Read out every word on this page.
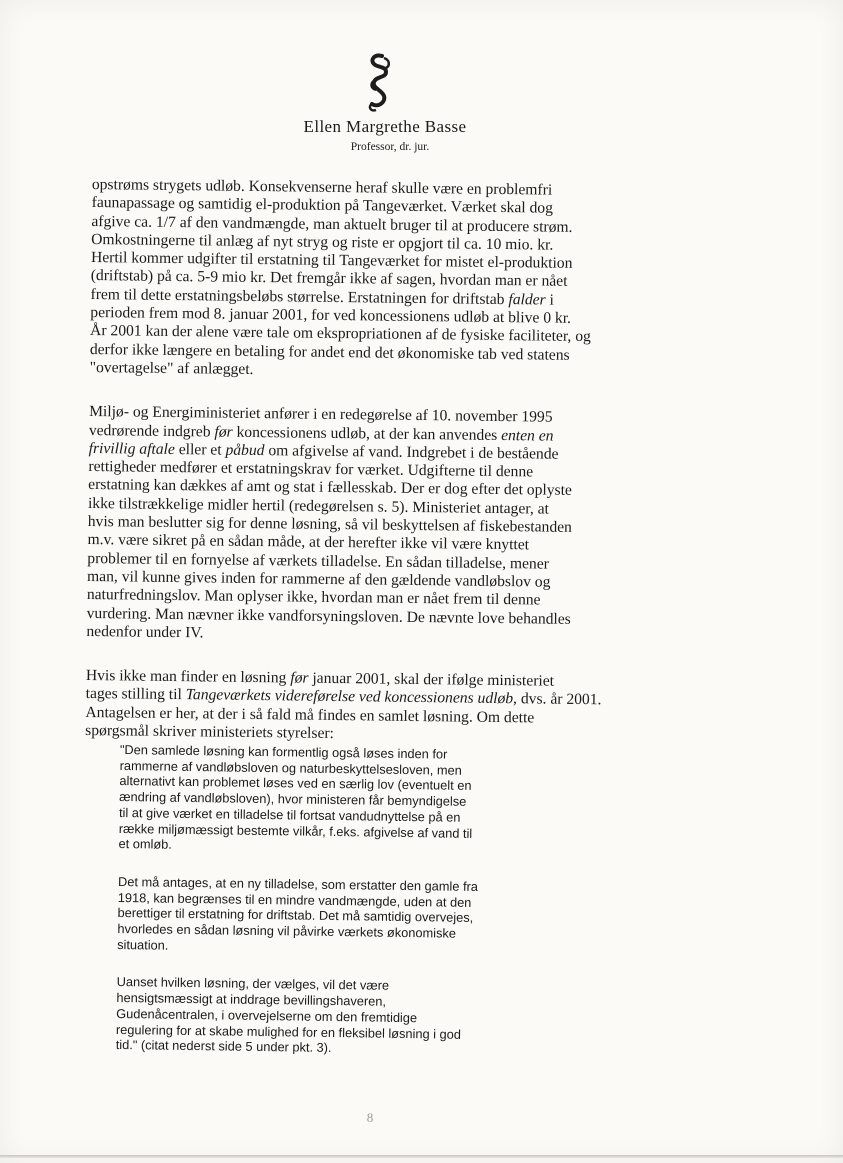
Ellen Margrethe Basse
Professor, dr. jur.

opstrøms strygets udløb. Konsekvenserne heraf skulle være en problemfri
faunapassage og samtidig el-produktion på Tangeværket. Værket skal dog
afgive ca. 1/7 af den vandmængde, man aktuelt bruger til at producere strøm.
Omkostningerne til anlæg af nyt stryg og riste er opgjort til ca. 10 mio. kr.
Hertil kommer udgifter til erstatning til Tangeværket for mistet el-produktion
(driftstab) på ca. 5-9 mio kr. Det fremgår ikke af sagen, hvordan man er nået
frem til dette erstatningsbeløbs størrelse. Erstatningen for driftstab falder i
perioden frem mod 8. januar 2001, for ved koncessionens udløb at blive 0 kr.
År 2001 kan der alene være tale om ekspropriationen af de fysiske faciliteter, og
derfor ikke længere en betaling for andet end det økonomiske tab ved statens
"overtagelse" af anlægget.

Miljø- og Energiministeriet anfører i en redegørelse af 10. november 1995
vedrørende indgreb før koncessionens udløb, at der kan anvendes enten en
frivillig aftale eller et påbud om afgivelse af vand. Indgrebet i de bestående
rettigheder medfører et erstatningskrav for værket. Udgifterne til denne
erstatning kan dækkes af amt og stat i fællesskab. Der er dog efter det oplyste
ikke tilstrækkelige midler hertil (redegørelsen s. 5). Ministeriet antager, at
hvis man beslutter sig for denne løsning, så vil beskyttelsen af fiskebestanden
m.v. være sikret på en sådan måde, at der herefter ikke vil være knyttet
problemer til en fornyelse af værkets tilladelse. En sådan tilladelse, mener
man, vil kunne gives inden for rammerne af den gældende vandløbslov og
naturfredningslov. Man oplyser ikke, hvordan man er nået frem til denne
vurdering. Man nævner ikke vandforsyningsloven. De nævnte love behandles
nedenfor under IV.

Hvis ikke man finder en løsning før januar 2001, skal der ifølge ministeriet
tages stilling til Tangeværkets videreførelse ved koncessionens udløb, dvs. år 2001.
Antagelsen er her, at der i så fald må findes en samlet løsning. Om dette
spørgsmål skriver ministeriets styrelser:

"Den samlede løsning kan formentlig også løses inden for
rammerne af vandløbsloven og naturbeskyttelsesloven, men
alternativt kan problemet løses ved en særlig lov (eventuelt en
ændring af vandløbsloven), hvor ministeren får bemyndigelse
til at give værket en tilladelse til fortsat vandudnyttelse på en
række miljømæssigt bestemte vilkår, f.eks. afgivelse af vand til
et omløb.

Det må antages, at en ny tilladelse, som erstatter den gamle fra
1918, kan begrænses til en mindre vandmængde, uden at den
berettiger til erstatning for driftstab. Det må samtidig overvejes,
hvorledes en sådan løsning vil påvirke værkets økonomiske
situation.

Uanset hvilken løsning, der vælges, vil det være
hensigtsmæssigt at inddrage bevillingshaveren,
Gudenåcentralen, i overvejelserne om den fremtidige
regulering for at skabe mulighed for en fleksibel løsning i god
tid." (citat nederst side 5 under pkt. 3).

8
